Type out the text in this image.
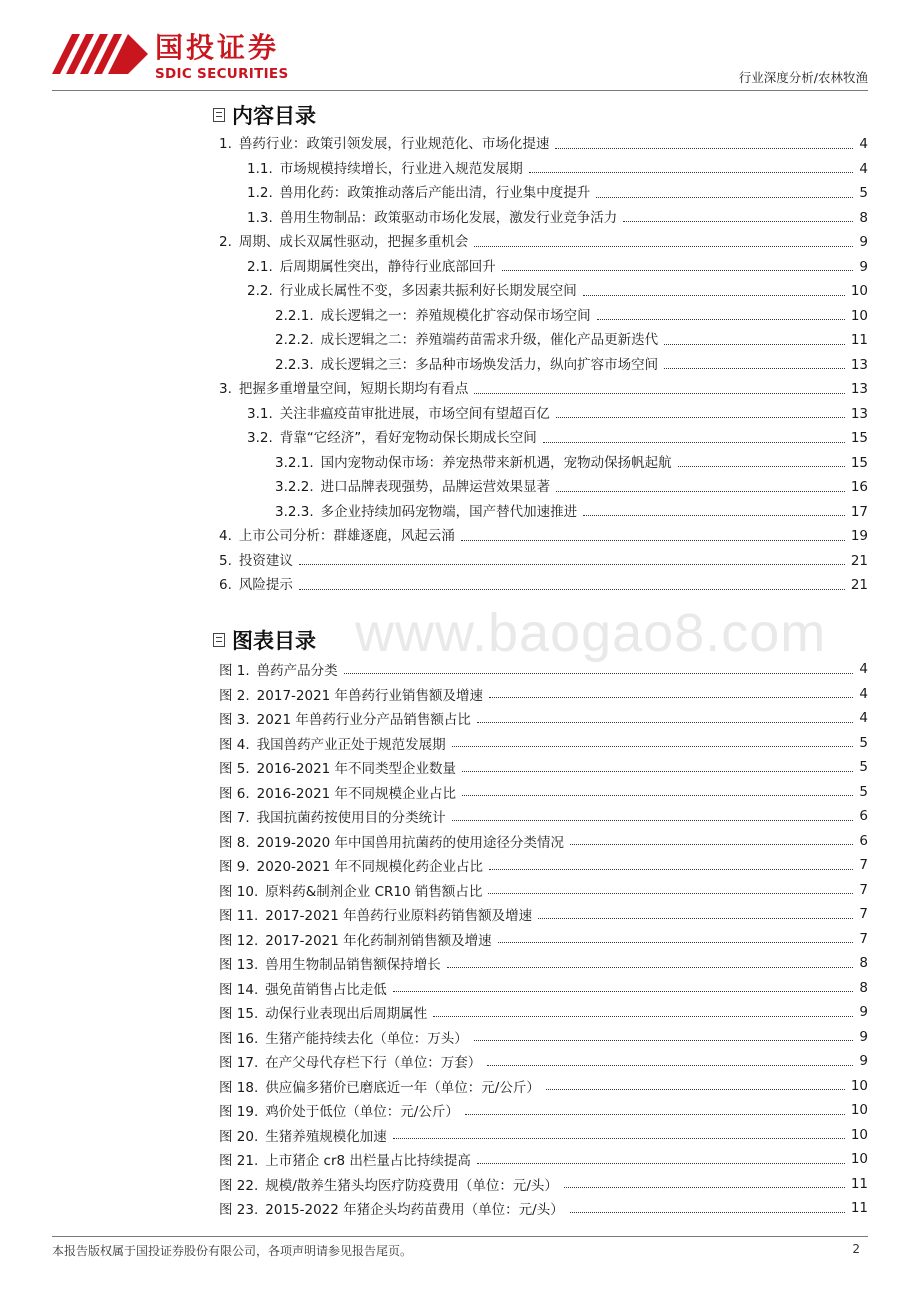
国投证券
SDIC SECURITIES	行业深度分析/农林牧渔
www.baogao8.com
内容目录
1. 兽药行业：政策引领发展，行业规范化、市场化提速	4
1.1. 市场规模持续增长，行业进入规范发展期	4
1.2. 兽用化药：政策推动落后产能出清，行业集中度提升	5
1.3. 兽用生物制品：政策驱动市场化发展，激发行业竞争活力	8
2. 周期、成长双属性驱动，把握多重机会	9
2.1. 后周期属性突出，静待行业底部回升	9
2.2. 行业成长属性不变，多因素共振利好长期发展空间	10
2.2.1. 成长逻辑之一：养殖规模化扩容动保市场空间	10
2.2.2. 成长逻辑之二：养殖端药苗需求升级，催化产品更新迭代	11
2.2.3. 成长逻辑之三：多品种市场焕发活力，纵向扩容市场空间	13
3. 把握多重增量空间，短期长期均有看点	13
3.1. 关注非瘟疫苗审批进展，市场空间有望超百亿	13
3.2. 背靠“它经济”，看好宠物动保长期成长空间	15
3.2.1. 国内宠物动保市场：养宠热带来新机遇，宠物动保扬帆起航	15
3.2.2. 进口品牌表现强势，品牌运营效果显著	16
3.2.3. 多企业持续加码宠物端，国产替代加速推进	17
4. 上市公司分析：群雄逐鹿，风起云涌	19
5. 投资建议	21
6. 风险提示	21
图表目录
图 1. 兽药产品分类	4
图 2. 2017-2021 年兽药行业销售额及增速	4
图 3. 2021 年兽药行业分产品销售额占比	4
图 4. 我国兽药产业正处于规范发展期	5
图 5. 2016-2021 年不同类型企业数量	5
图 6. 2016-2021 年不同规模企业占比	5
图 7. 我国抗菌药按使用目的分类统计	6
图 8. 2019-2020 年中国兽用抗菌药的使用途径分类情况	6
图 9. 2020-2021 年不同规模化药企业占比	7
图 10. 原料药&制剂企业 CR10 销售额占比	7
图 11. 2017-2021 年兽药行业原料药销售额及增速	7
图 12. 2017-2021 年化药制剂销售额及增速	7
图 13. 兽用生物制品销售额保持增长	8
图 14. 强免苗销售占比走低	8
图 15. 动保行业表现出后周期属性	9
图 16. 生猪产能持续去化（单位：万头）	9
图 17. 在产父母代存栏下行（单位：万套）	9
图 18. 供应偏多猪价已磨底近一年（单位：元/公斤）	10
图 19. 鸡价处于低位（单位：元/公斤）	10
图 20. 生猪养殖规模化加速	10
图 21. 上市猪企 cr8 出栏量占比持续提高	10
图 22. 规模/散养生猪头均医疗防疫费用（单位：元/头）	11
图 23. 2015-2022 年猪企头均药苗费用（单位：元/头）	11
本报告版权属于国投证券股份有限公司，各项声明请参见报告尾页。	2
